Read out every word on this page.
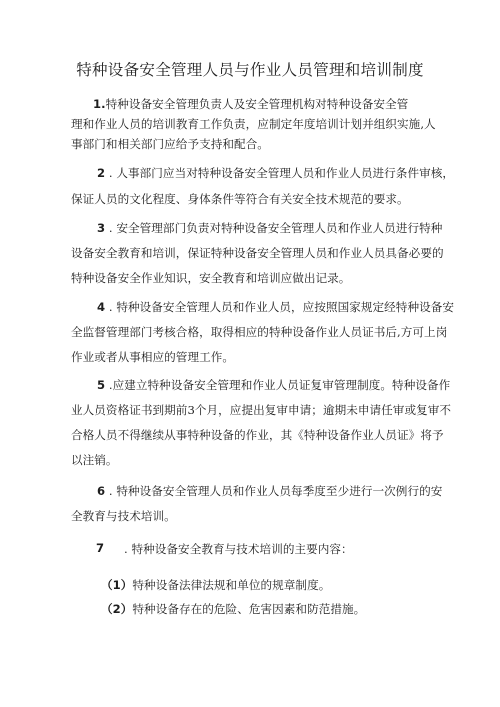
特种设备安全管理人员与作业人员管理和培训制度
1.特种设备安全管理负责人及安全管理机构对特种设备安全管
理和作业人员的培训教育工作负责，应制定年度培训计划并组织实施,人
事部门和相关部门应给予支持和配合。
2 . 人事部门应当对特种设备安全管理人员和作业人员进行条件审核，
保证人员的文化程度、身体条件等符合有关安全技术规范的要求。
3 . 安全管理部门负责对特种设备安全管理人员和作业人员进行特种
设备安全教育和培训，保证特种设备安全管理人员和作业人员具备必要的
特种设备安全作业知识，安全教育和培训应做出记录。
4 . 特种设备安全管理人员和作业人员，应按照国家规定经特种设备安
全监督管理部门考核合格，取得相应的特种设备作业人员证书后,方可上岗
作业或者从事相应的管理工作。
5 .应建立特种设备安全管理和作业人员证复审管理制度。特种设备作
业人员资格证书到期前3个月，应提出复审申请；逾期未申请任审或复审不
合格人员不得继续从事特种设备的作业，其《特种设备作业人员证》将予
以注销。
6 . 特种设备安全管理人员和作业人员每季度至少进行一次例行的安
全教育与技术培训。
7 . 特种设备安全教育与技术培训的主要内容：
（1）特种设备法律法规和单位的规章制度。
（2）特种设备存在的危险、危害因素和防范措施。
